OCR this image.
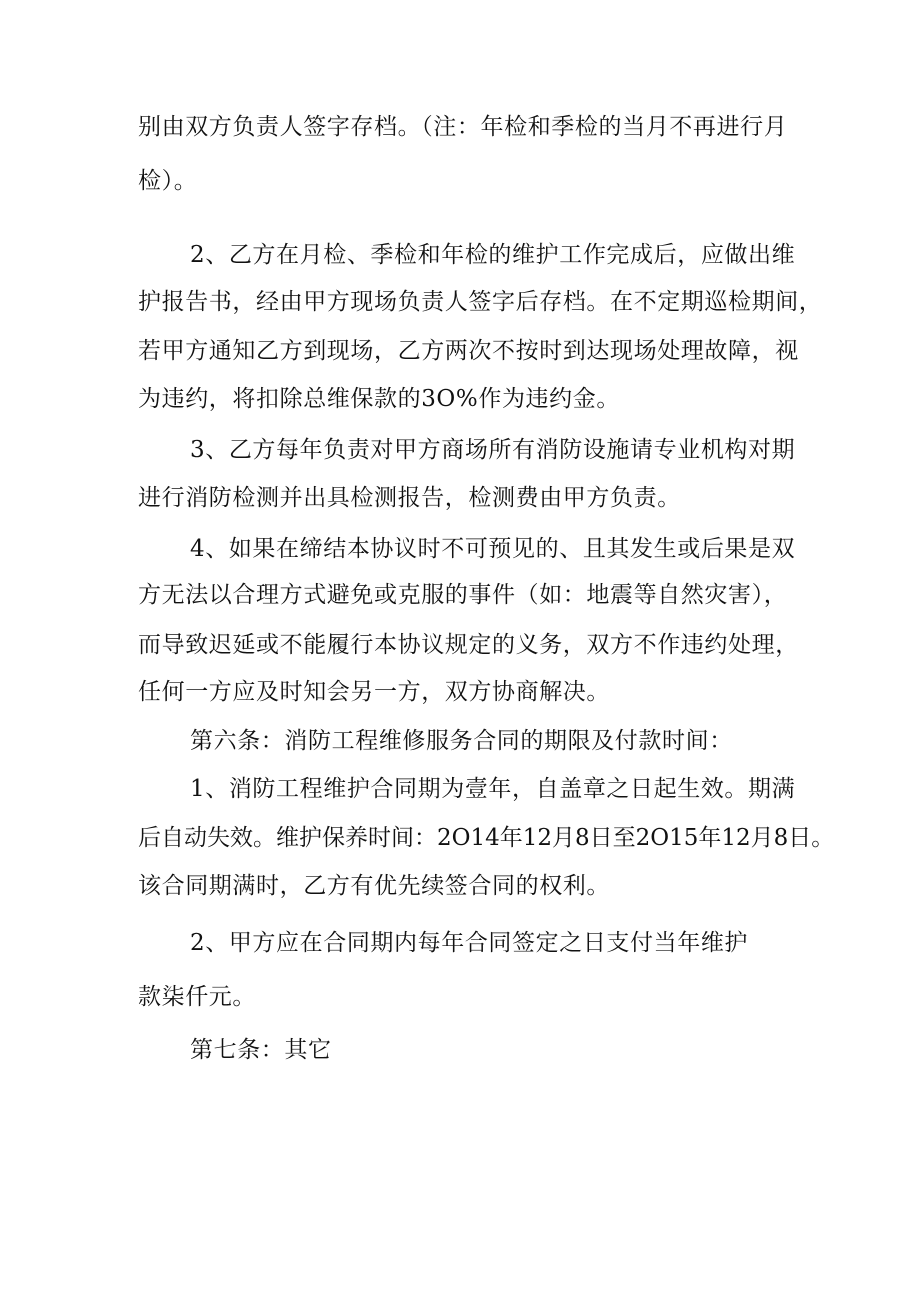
别由双方负责人签字存档。（注：年检和季检的当月不再进行月
检）。
2、乙方在月检、季检和年检的维护工作完成后，应做出维
护报告书，经由甲方现场负责人签字后存档。在不定期巡检期间，
若甲方通知乙方到现场，乙方两次不按时到达现场处理故障，视
为违约，将扣除总维保款的3O%作为违约金。
3、乙方每年负责对甲方商场所有消防设施请专业机构对期
进行消防检测并出具检测报告，检测费由甲方负责。
4、如果在缔结本协议时不可预见的、且其发生或后果是双
方无法以合理方式避免或克服的事件（如：地震等自然灾害），
而导致迟延或不能履行本协议规定的义务，双方不作违约处理，
任何一方应及时知会另一方，双方协商解决。
第六条：消防工程维修服务合同的期限及付款时间：
1、消防工程维护合同期为壹年，自盖章之日起生效。期满
后自动失效。维护保养时间：2O14年12月8日至2O15年12月8日。
该合同期满时，乙方有优先续签合同的权利。
2、甲方应在合同期内每年合同签定之日支付当年维护
款柒仟元。
第七条：其它
